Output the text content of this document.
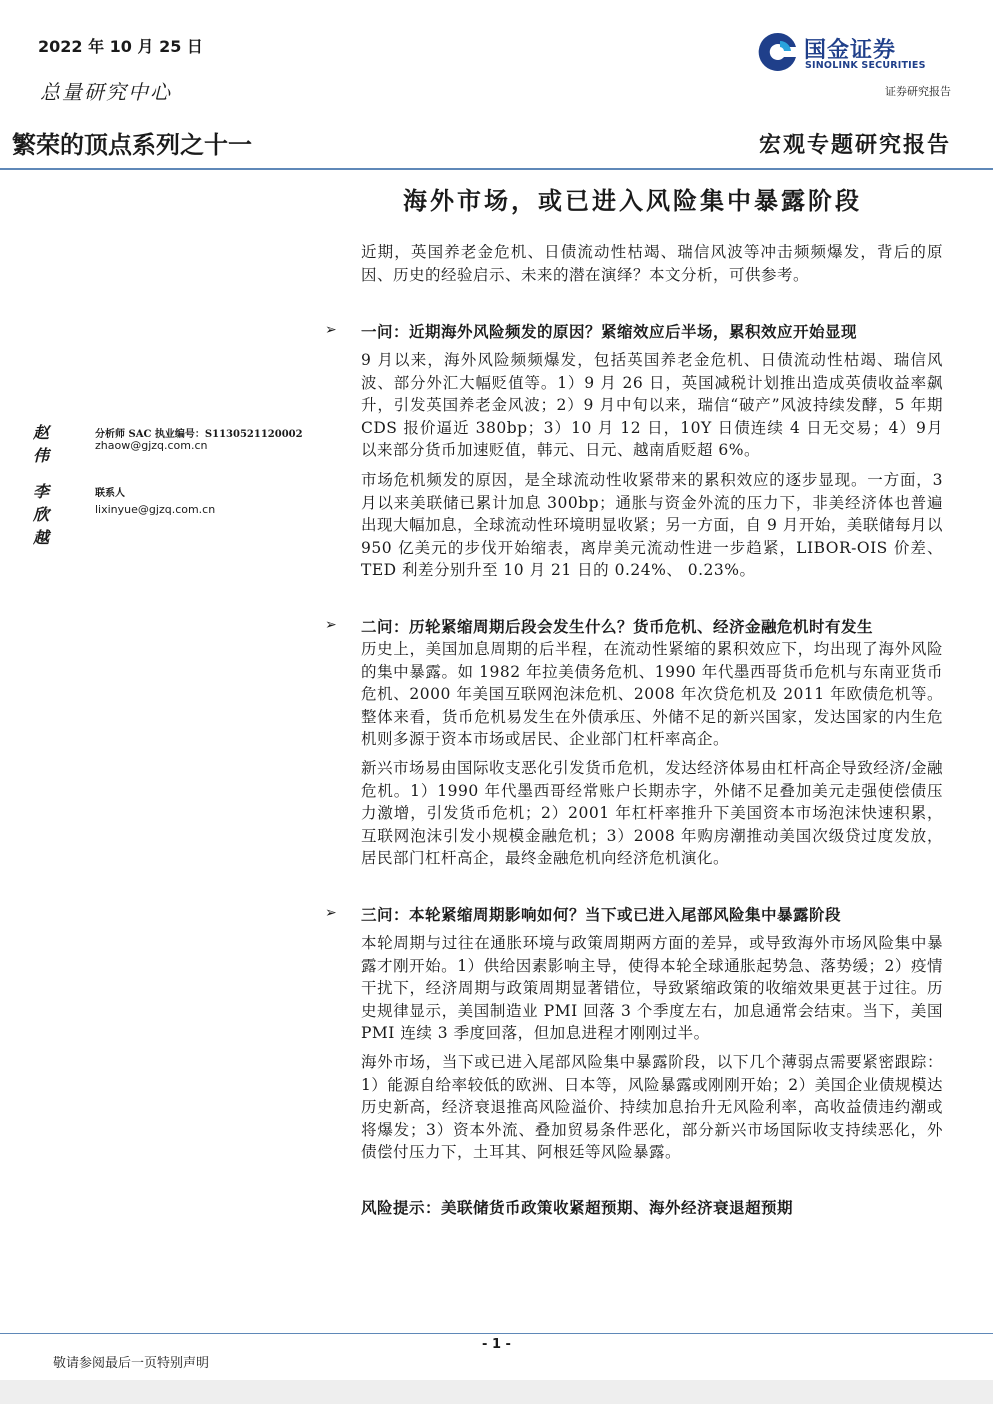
2022 年 10 月 25 日
总量研究中心
国金证券
SINOLINK SECURITIES
证券研究报告
繁荣的顶点系列之十一	宏观专题研究报告
海外市场，或已进入风险集中暴露阶段
赵伟
分析师 SAC 执业编号：S1130521120002
zhaow@gjzq.com.cn
李欣越
联系人
lixinyue@gjzq.com.cn

近期，英国养老金危机、日债流动性枯竭、瑞信风波等冲击频频爆发，背后的原因、历史的经验启示、未来的潜在演绎？本文分析，可供参考。

➢ 一问：近期海外风险频发的原因？紧缩效应后半场，累积效应开始显现

9 月以来，海外风险频频爆发，包括英国养老金危机、日债流动性枯竭、瑞信风波、部分外汇大幅贬值等。1）9 月 26 日，英国减税计划推出造成英债收益率飙升，引发英国养老金风波；2）9 月中旬以来，瑞信“破产”风波持续发酵，5 年期 CDS 报价逼近 380bp；3）10 月 12 日，10Y 日债连续 4 日无交易；4）9月以来部分货币加速贬值，韩元、日元、越南盾贬超 6%。

市场危机频发的原因，是全球流动性收紧带来的累积效应的逐步显现。一方面，3 月以来美联储已累计加息 300bp；通胀与资金外流的压力下，非美经济体也普遍出现大幅加息，全球流动性环境明显收紧；另一方面，自 9 月开始，美联储每月以 950 亿美元的步伐开始缩表，离岸美元流动性进一步趋紧，LIBOR-OIS 价差、TED 利差分别升至 10 月 21 日的 0.24%、 0.23%。

➢ 二问：历轮紧缩周期后段会发生什么？货币危机、经济金融危机时有发生

历史上，美国加息周期的后半程，在流动性紧缩的累积效应下，均出现了海外风险的集中暴露。如 1982 年拉美债务危机、1990 年代墨西哥货币危机与东南亚货币危机、2000 年美国互联网泡沫危机、2008 年次贷危机及 2011 年欧债危机等。整体来看，货币危机易发生在外债承压、外储不足的新兴国家，发达国家的内生危机则多源于资本市场或居民、企业部门杠杆率高企。

新兴市场易由国际收支恶化引发货币危机，发达经济体易由杠杆高企导致经济/金融危机。1）1990 年代墨西哥经常账户长期赤字，外储不足叠加美元走强使偿债压力激增，引发货币危机；2）2001 年杠杆率推升下美国资本市场泡沫快速积累，互联网泡沫引发小规模金融危机；3）2008 年购房潮推动美国次级贷过度发放，居民部门杠杆高企，最终金融危机向经济危机演化。

➢ 三问：本轮紧缩周期影响如何？当下或已进入尾部风险集中暴露阶段

本轮周期与过往在通胀环境与政策周期两方面的差异，或导致海外市场风险集中暴露才刚开始。1）供给因素影响主导，使得本轮全球通胀起势急、落势缓；2）疫情干扰下，经济周期与政策周期显著错位，导致紧缩政策的收缩效果更甚于过往。历史规律显示，美国制造业 PMI 回落 3 个季度左右，加息通常会结束。当下，美国 PMI 连续 3 季度回落，但加息进程才刚刚过半。

海外市场，当下或已进入尾部风险集中暴露阶段，以下几个薄弱点需要紧密跟踪：1）能源自给率较低的欧洲、日本等，风险暴露或刚刚开始；2）美国企业债规模达历史新高，经济衰退推高风险溢价、持续加息抬升无风险利率，高收益债违约潮或将爆发；3）资本外流、叠加贸易条件恶化，部分新兴市场国际收支持续恶化，外债偿付压力下，土耳其、阿根廷等风险暴露。

风险提示：美联储货币政策收紧超预期、海外经济衰退超预期
- 1 -
敬请参阅最后一页特别声明
